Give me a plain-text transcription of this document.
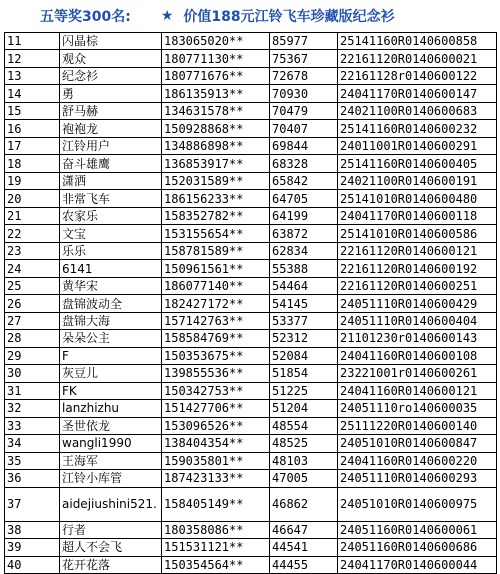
五等奖300名: ★ 价值188元江铃飞车珍藏版纪念衫
11	闪晶棕	183065020**	85977	25141160R0140600858
12	观众	180771130**	75367	22161120R0140600021
13	纪念衫	180771676**	72678	22161128r0140600122
14	勇	186135913**	70930	24041170R0140600147
15	舒马赫	134631578**	70479	24021100R0140600683
16	袍袍龙	150928868**	70407	25141160R0140600232
17	江铃用户	134886898**	69844	24011001R0140600291
18	奋斗雄鹰	136853917**	68328	25141160R0140600405
19	潇洒	152031589**	65842	24021100R0140600191
20	非常飞车	186156233**	64705	25141010R0140600480
21	农家乐	158352782**	64199	24041170R0140600118
22	文宝	153155654**	63872	25141010R0140600586
23	乐乐	158781589**	62834	22161120R0140600121
24	6141	150961561**	55388	22161120R0140600192
25	黄华宋	186077140**	54464	22161120R0140600251
26	盘锦波动全	182427172**	54145	24051110R0140600429
27	盘锦大海	157142763**	53377	24051110R0140600404
28	朵朵公主	158584769**	52312	21101230r0140600143
29	F	150353675**	52084	24041160R0140600108
30	灰豆儿	139855536**	51854	23221001r0140600261
31	FK	150342753**	51225	24041160R0140600121
32	lanzhizhu	151427706**	51204	24051110ro140600035
33	圣世依龙	153096526**	48554	25111220R0140600140
34	wangli1990	138404354**	48525	24051010R0140600847
35	王海军	159035801**	48103	24041160R0140600220
36	江铃小库管	187423133**	47005	24051110R0140600293
37	aidejiushini521.	158405149**	46862	24051010R0140600975
38	行者	180358086**	46647	24051160R0140600061
39	超人不会飞	151531121**	44541	24051160R0140600686
40	花开花落	150354564**	44455	24041170R0140600044
